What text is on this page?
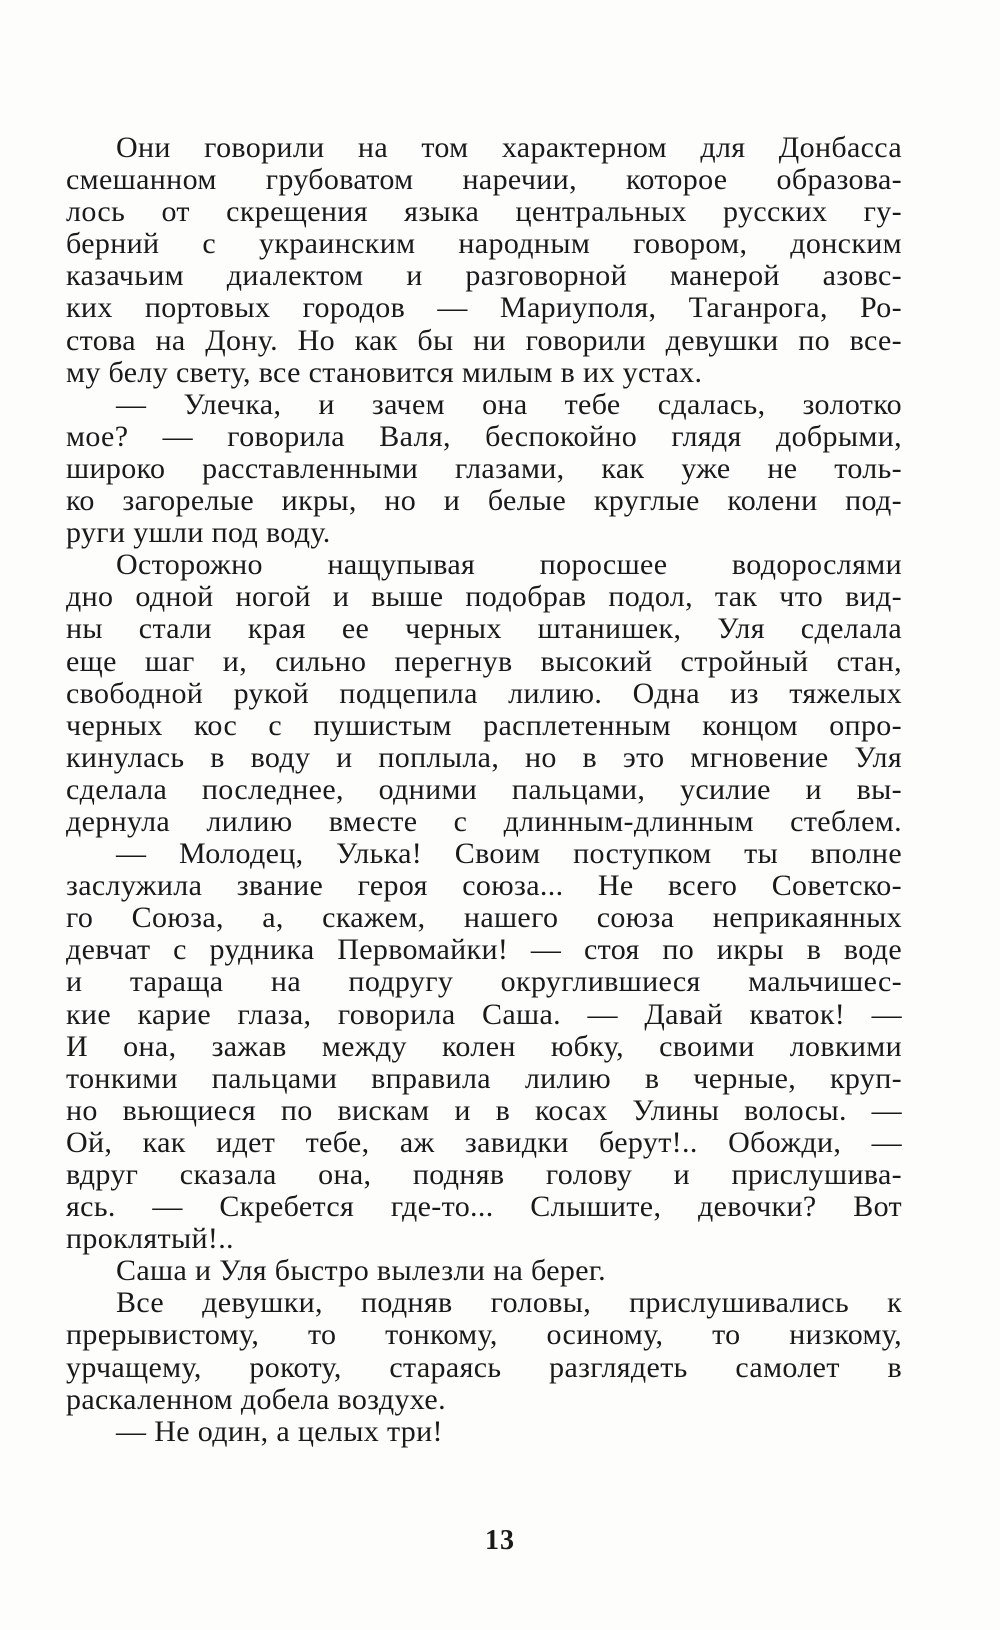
Они говорили на том характерном для Донбасса
смешанном грубоватом наречии, которое образова-
лось от скрещения языка центральных русских гу-
берний с украинским народным говором, донским
казачьим диалектом и разговорной манерой азовс-
ких портовых городов — Мариуполя, Таганрога, Ро-
стова на Дону. Но как бы ни говорили девушки по все-
му белу свету, все становится милым в их устах.
— Улечка, и зачем она тебе сдалась, золотко
мое? — говорила Валя, беспокойно глядя добрыми,
широко расставленными глазами, как уже не толь-
ко загорелые икры, но и белые круглые колени под-
руги ушли под воду.
Осторожно нащупывая поросшее водорослями
дно одной ногой и выше подобрав подол, так что вид-
ны стали края ее черных штанишек, Уля сделала
еще шаг и, сильно перегнув высокий стройный стан,
свободной рукой подцепила лилию. Одна из тяжелых
черных кос с пушистым расплетенным концом опро-
кинулась в воду и поплыла, но в это мгновение Уля
сделала последнее, одними пальцами, усилие и вы-
дернула лилию вместе с длинным-длинным стеблем.
— Молодец, Улька! Своим поступком ты вполне
заслужила звание героя союза... Не всего Советско-
го Союза, а, скажем, нашего союза неприкаянных
девчат с рудника Первомайки! — стоя по икры в воде
и таращa на подругу округлившиеся мальчишес-
кие карие глаза, говорила Саша. — Давай кваток! —
И она, зажав между колен юбку, своими ловкими
тонкими пальцами вправила лилию в черные, круп-
но вьющиеся по вискам и в косах Улины волосы. —
Ой, как идет тебе, аж завидки берут!.. Обожди, —
вдруг сказала она, подняв голову и прислушива-
ясь. — Скребется где-то... Слышите, девочки? Вот
проклятый!..
Саша и Уля быстро вылезли на берег.
Все девушки, подняв головы, прислушивались к
прерывистому, то тонкому, осиному, то низкому,
урчащему, рокоту, стараясь разглядеть самолет в
раскаленном добела воздухе.
— Не один, а целых три!
13
